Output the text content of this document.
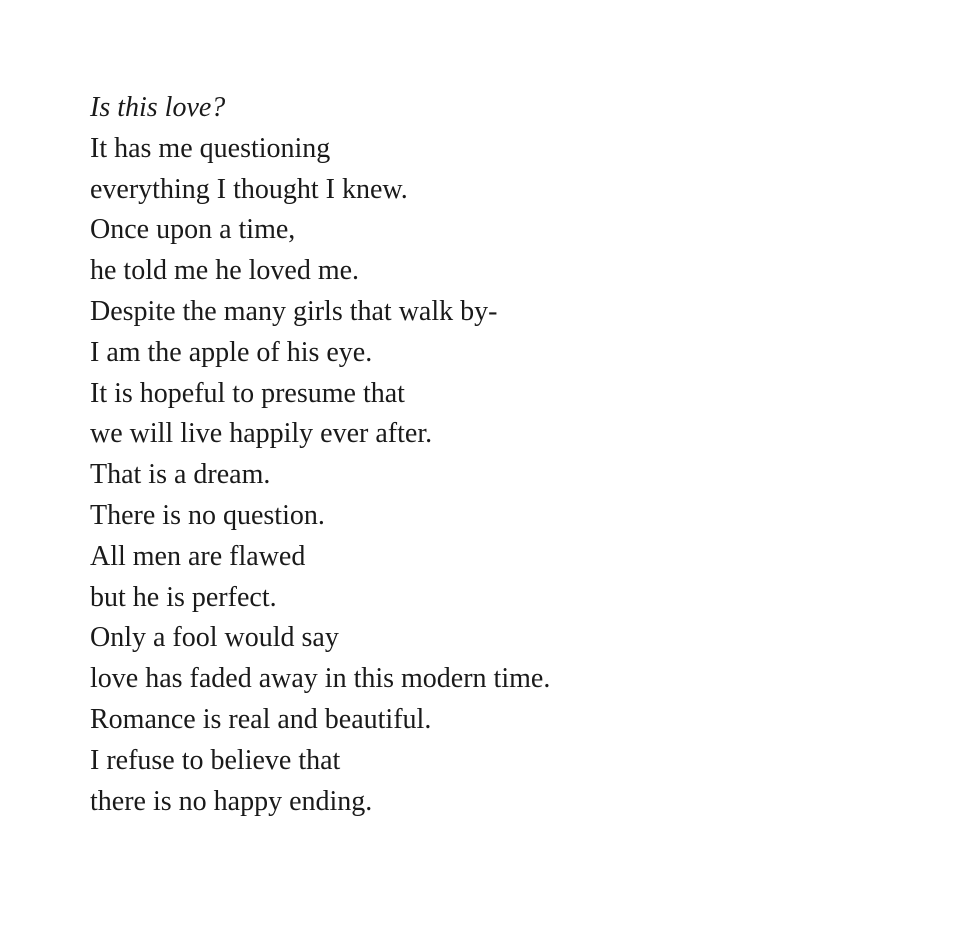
Is this love?
It has me questioning
everything I thought I knew.
Once upon a time,
he told me he loved me.
Despite the many girls that walk by-
I am the apple of his eye.
It is hopeful to presume that
we will live happily ever after.
That is a dream.
There is no question.
All men are flawed
but he is perfect.
Only a fool would say
love has faded away in this modern time.
Romance is real and beautiful.
I refuse to believe that
there is no happy ending.
